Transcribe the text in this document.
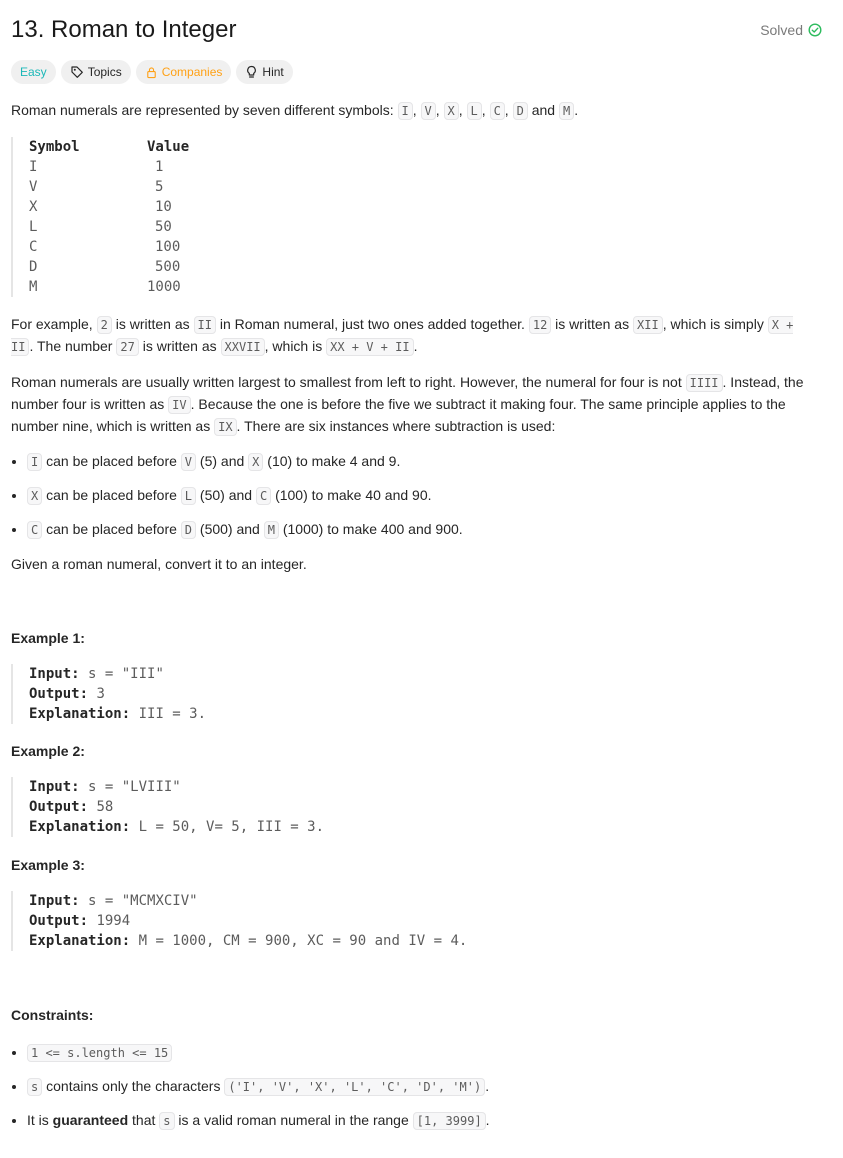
13. Roman to Integer	Solved
Easy	Topics	Companies	Hint

Roman numerals are represented by seven different symbols: I , V , X , L , C , D and M .

Symbol	Value
I	1
V	5
X	10
L	50
C	100
D	500
M	1000

For example, 2 is written as II in Roman numeral, just two ones added together. 12 is written as XII , which is simply X + II . The number 27 is written as XXVII , which is XX + V + II .

Roman numerals are usually written largest to smallest from left to right. However, the numeral for four is not IIII . Instead, the number four is written as IV . Because the one is before the five we subtract it making four. The same principle applies to the number nine, which is written as IX . There are six instances where subtraction is used:

• I can be placed before V (5) and X (10) to make 4 and 9.
• X can be placed before L (50) and C (100) to make 40 and 90.
• C can be placed before D (500) and M (1000) to make 400 and 900.

Given a roman numeral, convert it to an integer.

Example 1:

Input: s = "III"
Output: 3
Explanation: III = 3.

Example 2:

Input: s = "LVIII"
Output: 58
Explanation: L = 50, V= 5, III = 3.

Example 3:

Input: s = "MCMXCIV"
Output: 1994
Explanation: M = 1000, CM = 900, XC = 90 and IV = 4.

Constraints:

• 1 <= s.length <= 15
• s contains only the characters ('I', 'V', 'X', 'L', 'C', 'D', 'M') .
• It is guaranteed that s is a valid roman numeral in the range [1, 3999] .
